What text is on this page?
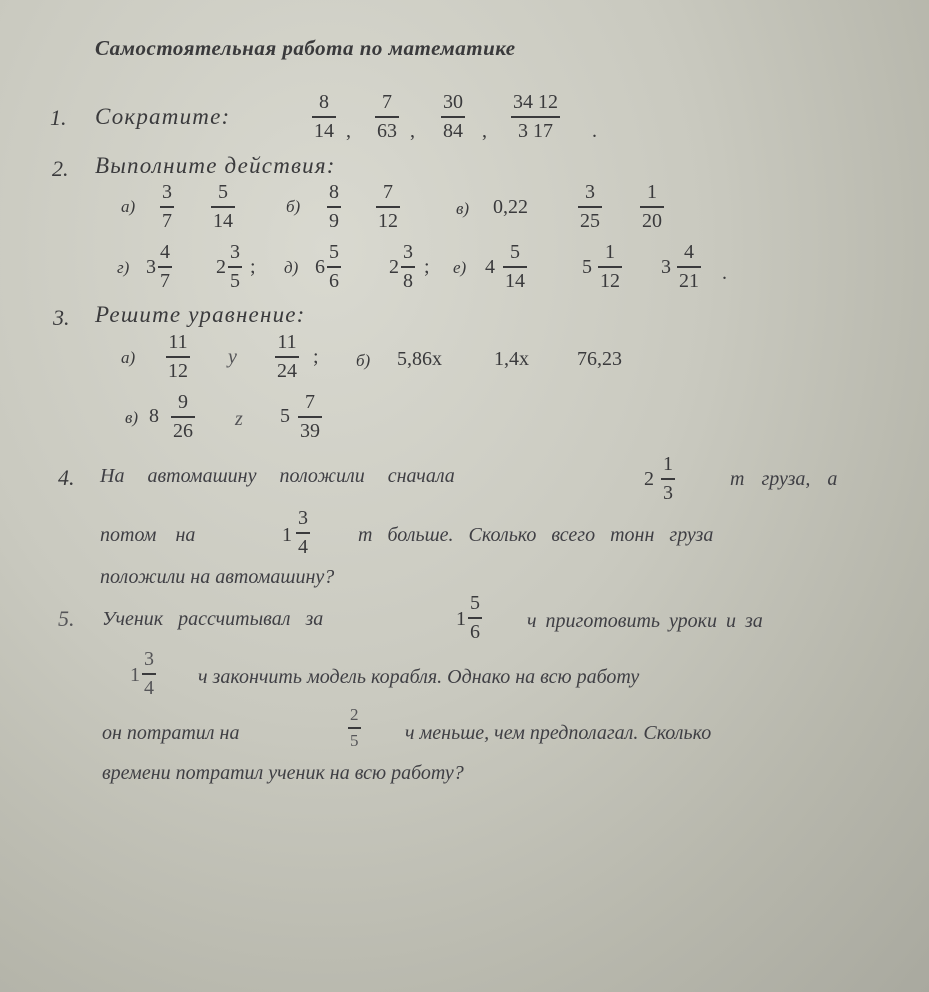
Самостоятельная работа по математике
1. Сократите:
8
14 ,
7
63 ,
30
84 ,
34 12
3 17 .
2. Выполните действия:
а)
3
7
5
14
б)
8
9
7
12
в) 0,22
3
25
1
20
г) 3
4
7
2
3
5
; д) 6
5
6
2
3
8
; е) 4
5
14
5
1
12
3
4
21 .
3. Решите уравнение:
а)
11
12
у
11
24
; б) 5,86х	1,4х 76,23
в) 8
9
26
z 5
7
39
4. На автомашину положили сначала	2
1
3
т груза, а
потом на	1
3
4
т больше. Сколько всего тонн груза
положили на автомашину?
5. Ученик рассчитывал за	1
5
6 ч приготовить уроки и за
1
3
4 ч закончить модель корабля. Однако на всю работу
он потратил на
2
5 ч меньше, чем предполагал. Сколько
времени потратил ученик на всю работу?
